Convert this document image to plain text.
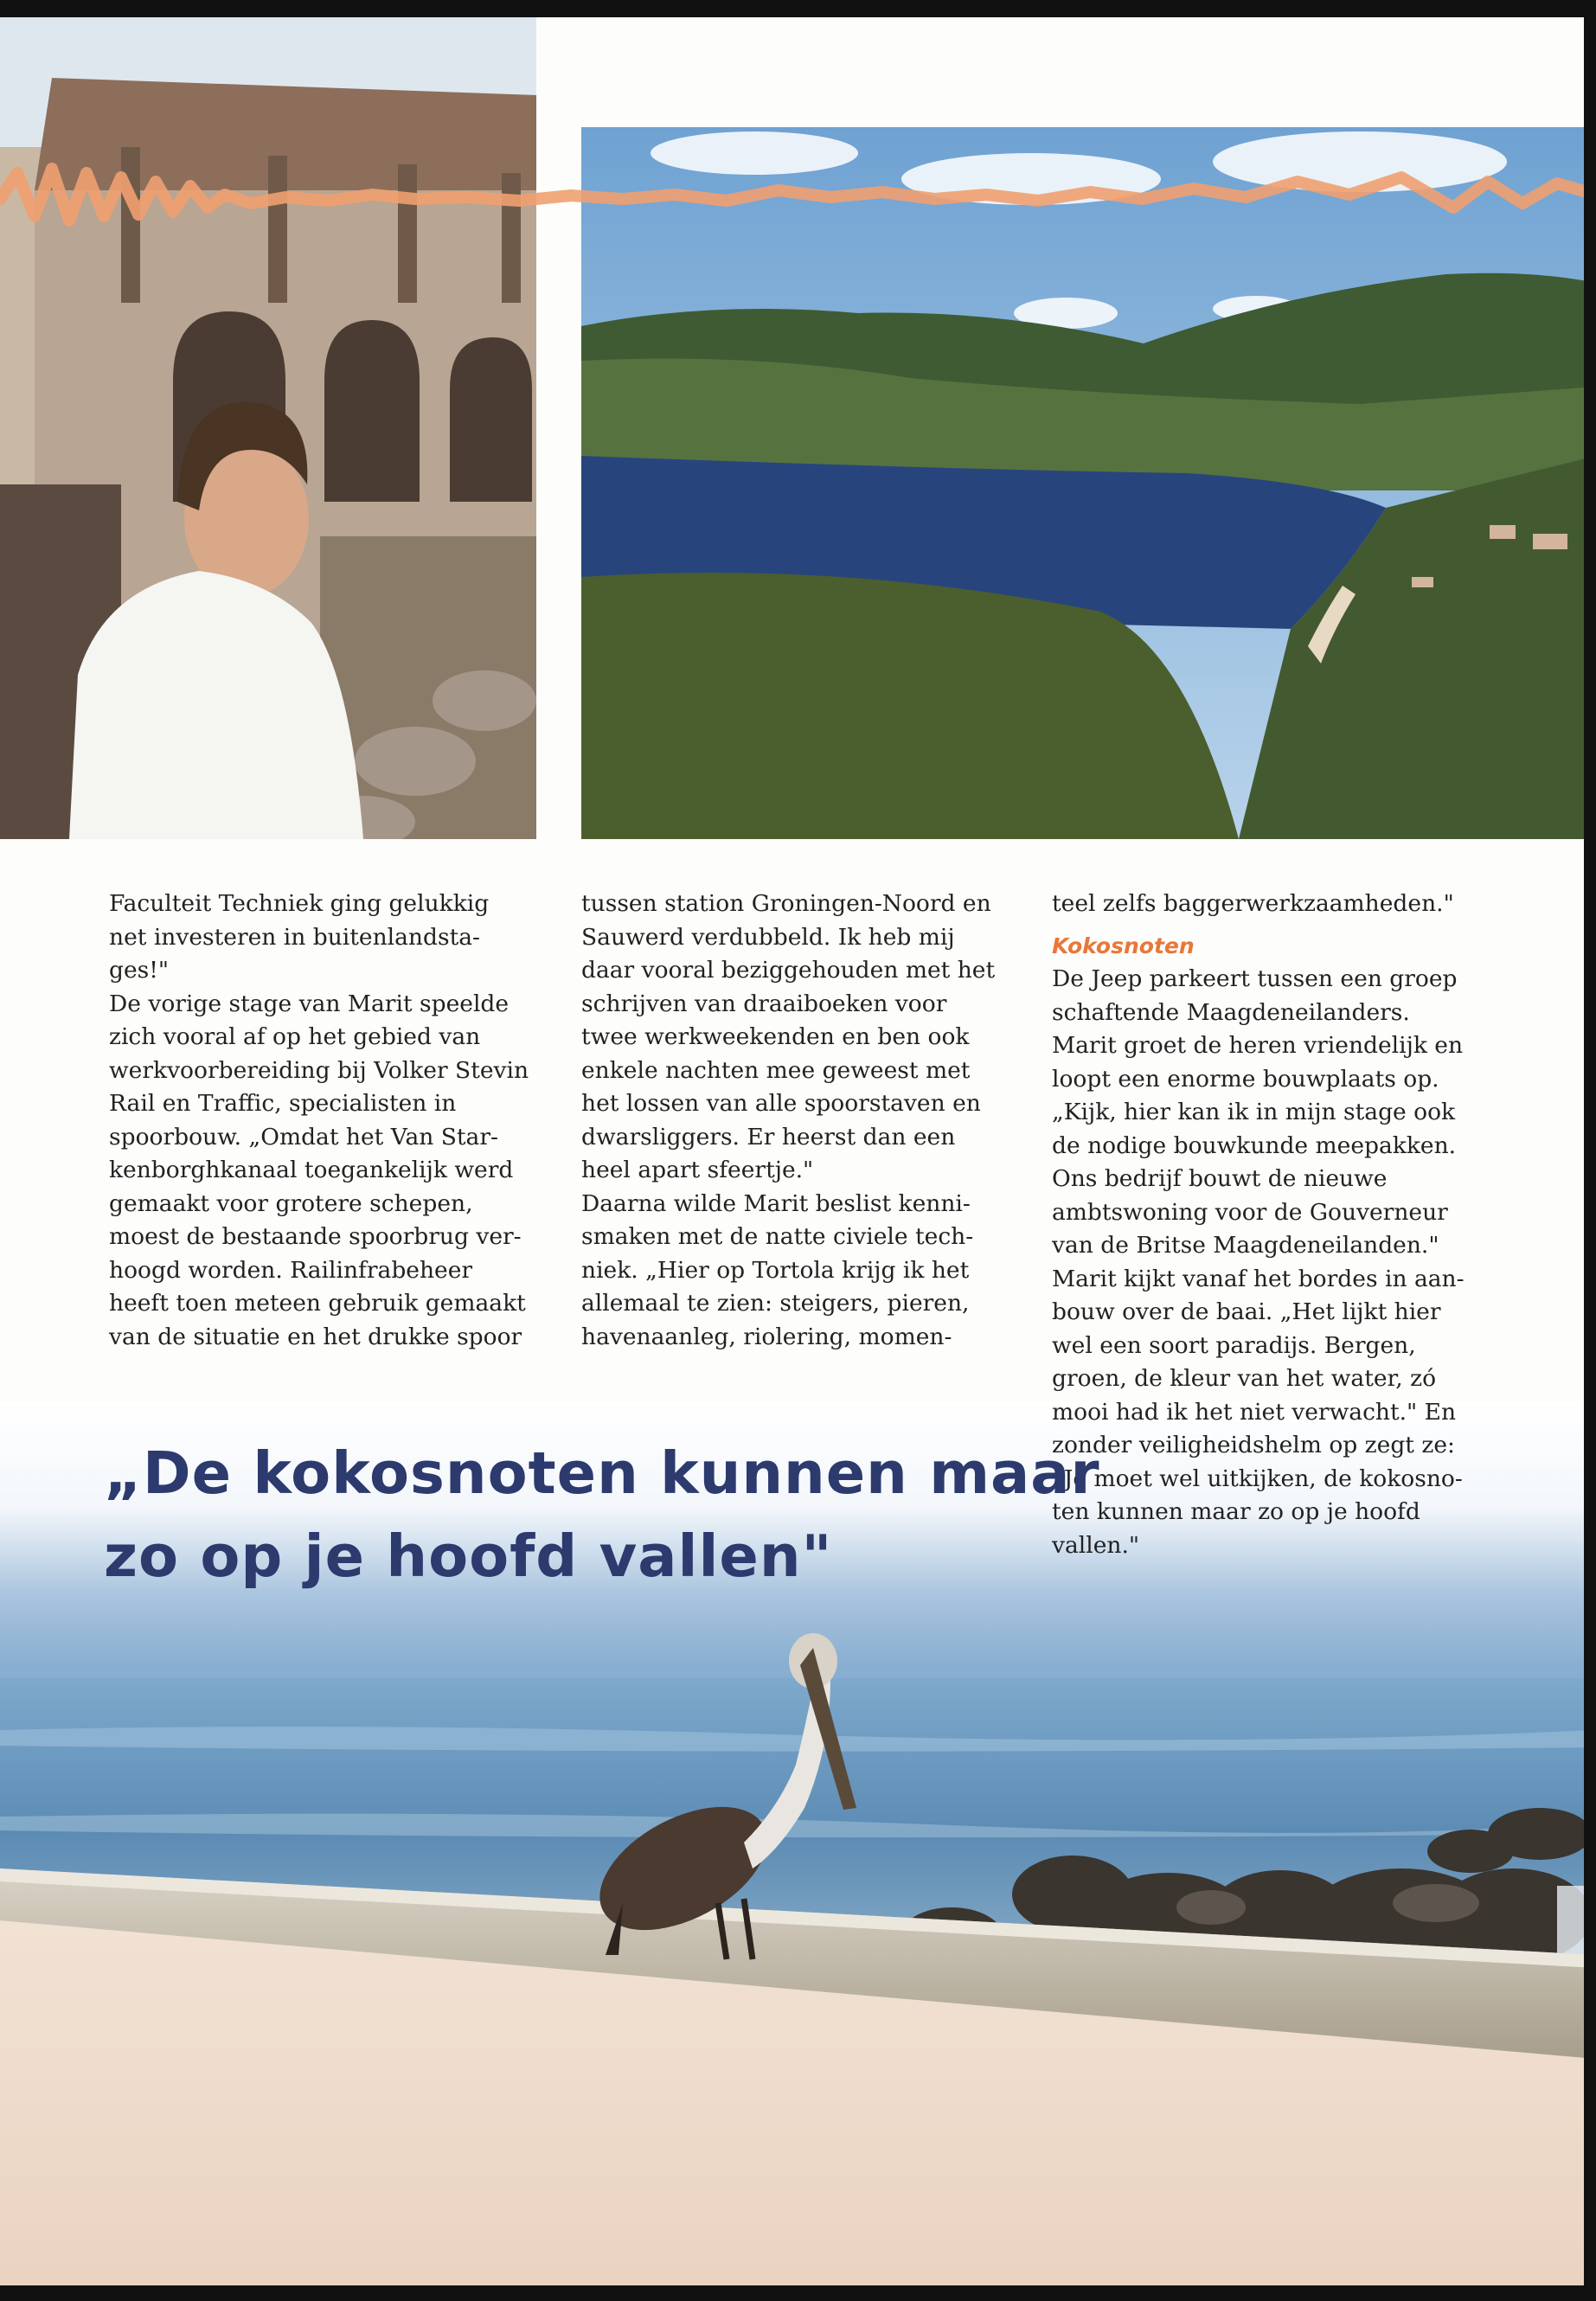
Faculteit Techniek ging gelukkig
net investeren in buitenlandsta-
ges!"
De vorige stage van Marit speelde
zich vooral af op het gebied van
werkvoorbereiding bij Volker Stevin
Rail en Traffic, specialisten in
spoorbouw. „Omdat het Van Star-
kenborghkanaal toegankelijk werd
gemaakt voor grotere schepen,
moest de bestaande spoorbrug ver-
hoogd worden. Railinfrabeheer
heeft toen meteen gebruik gemaakt
van de situatie en het drukke spoor
tussen station Groningen-Noord en
Sauwerd verdubbeld. Ik heb mij
daar vooral beziggehouden met het
schrijven van draaiboeken voor
twee werkweekenden en ben ook
enkele nachten mee geweest met
het lossen van alle spoorstaven en
dwarsliggers. Er heerst dan een
heel apart sfeertje."
Daarna wilde Marit beslist kenni-
smaken met de natte civiele tech-
niek. „Hier op Tortola krijg ik het
allemaal te zien: steigers, pieren,
havenaanleg, riolering, momen-
teel zelfs baggerwerkzaamheden."
Kokosnoten
De Jeep parkeert tussen een groep
schaftende Maagdeneilanders.
Marit groet de heren vriendelijk en
loopt een enorme bouwplaats op.
„Kijk, hier kan ik in mijn stage ook
de nodige bouwkunde meepakken.
Ons bedrijf bouwt de nieuwe
ambtswoning voor de Gouverneur
van de Britse Maagdeneilanden."
Marit kijkt vanaf het bordes in aan-
bouw over de baai. „Het lijkt hier
wel een soort paradijs. Bergen,
groen, de kleur van het water, zó
mooi had ik het niet verwacht." En
zonder veiligheidshelm op zegt ze:
„Je moet wel uitkijken, de kokosno-
ten kunnen maar zo op je hoofd
vallen."
„De kokosnoten kunnen maar
zo op je hoofd vallen"
